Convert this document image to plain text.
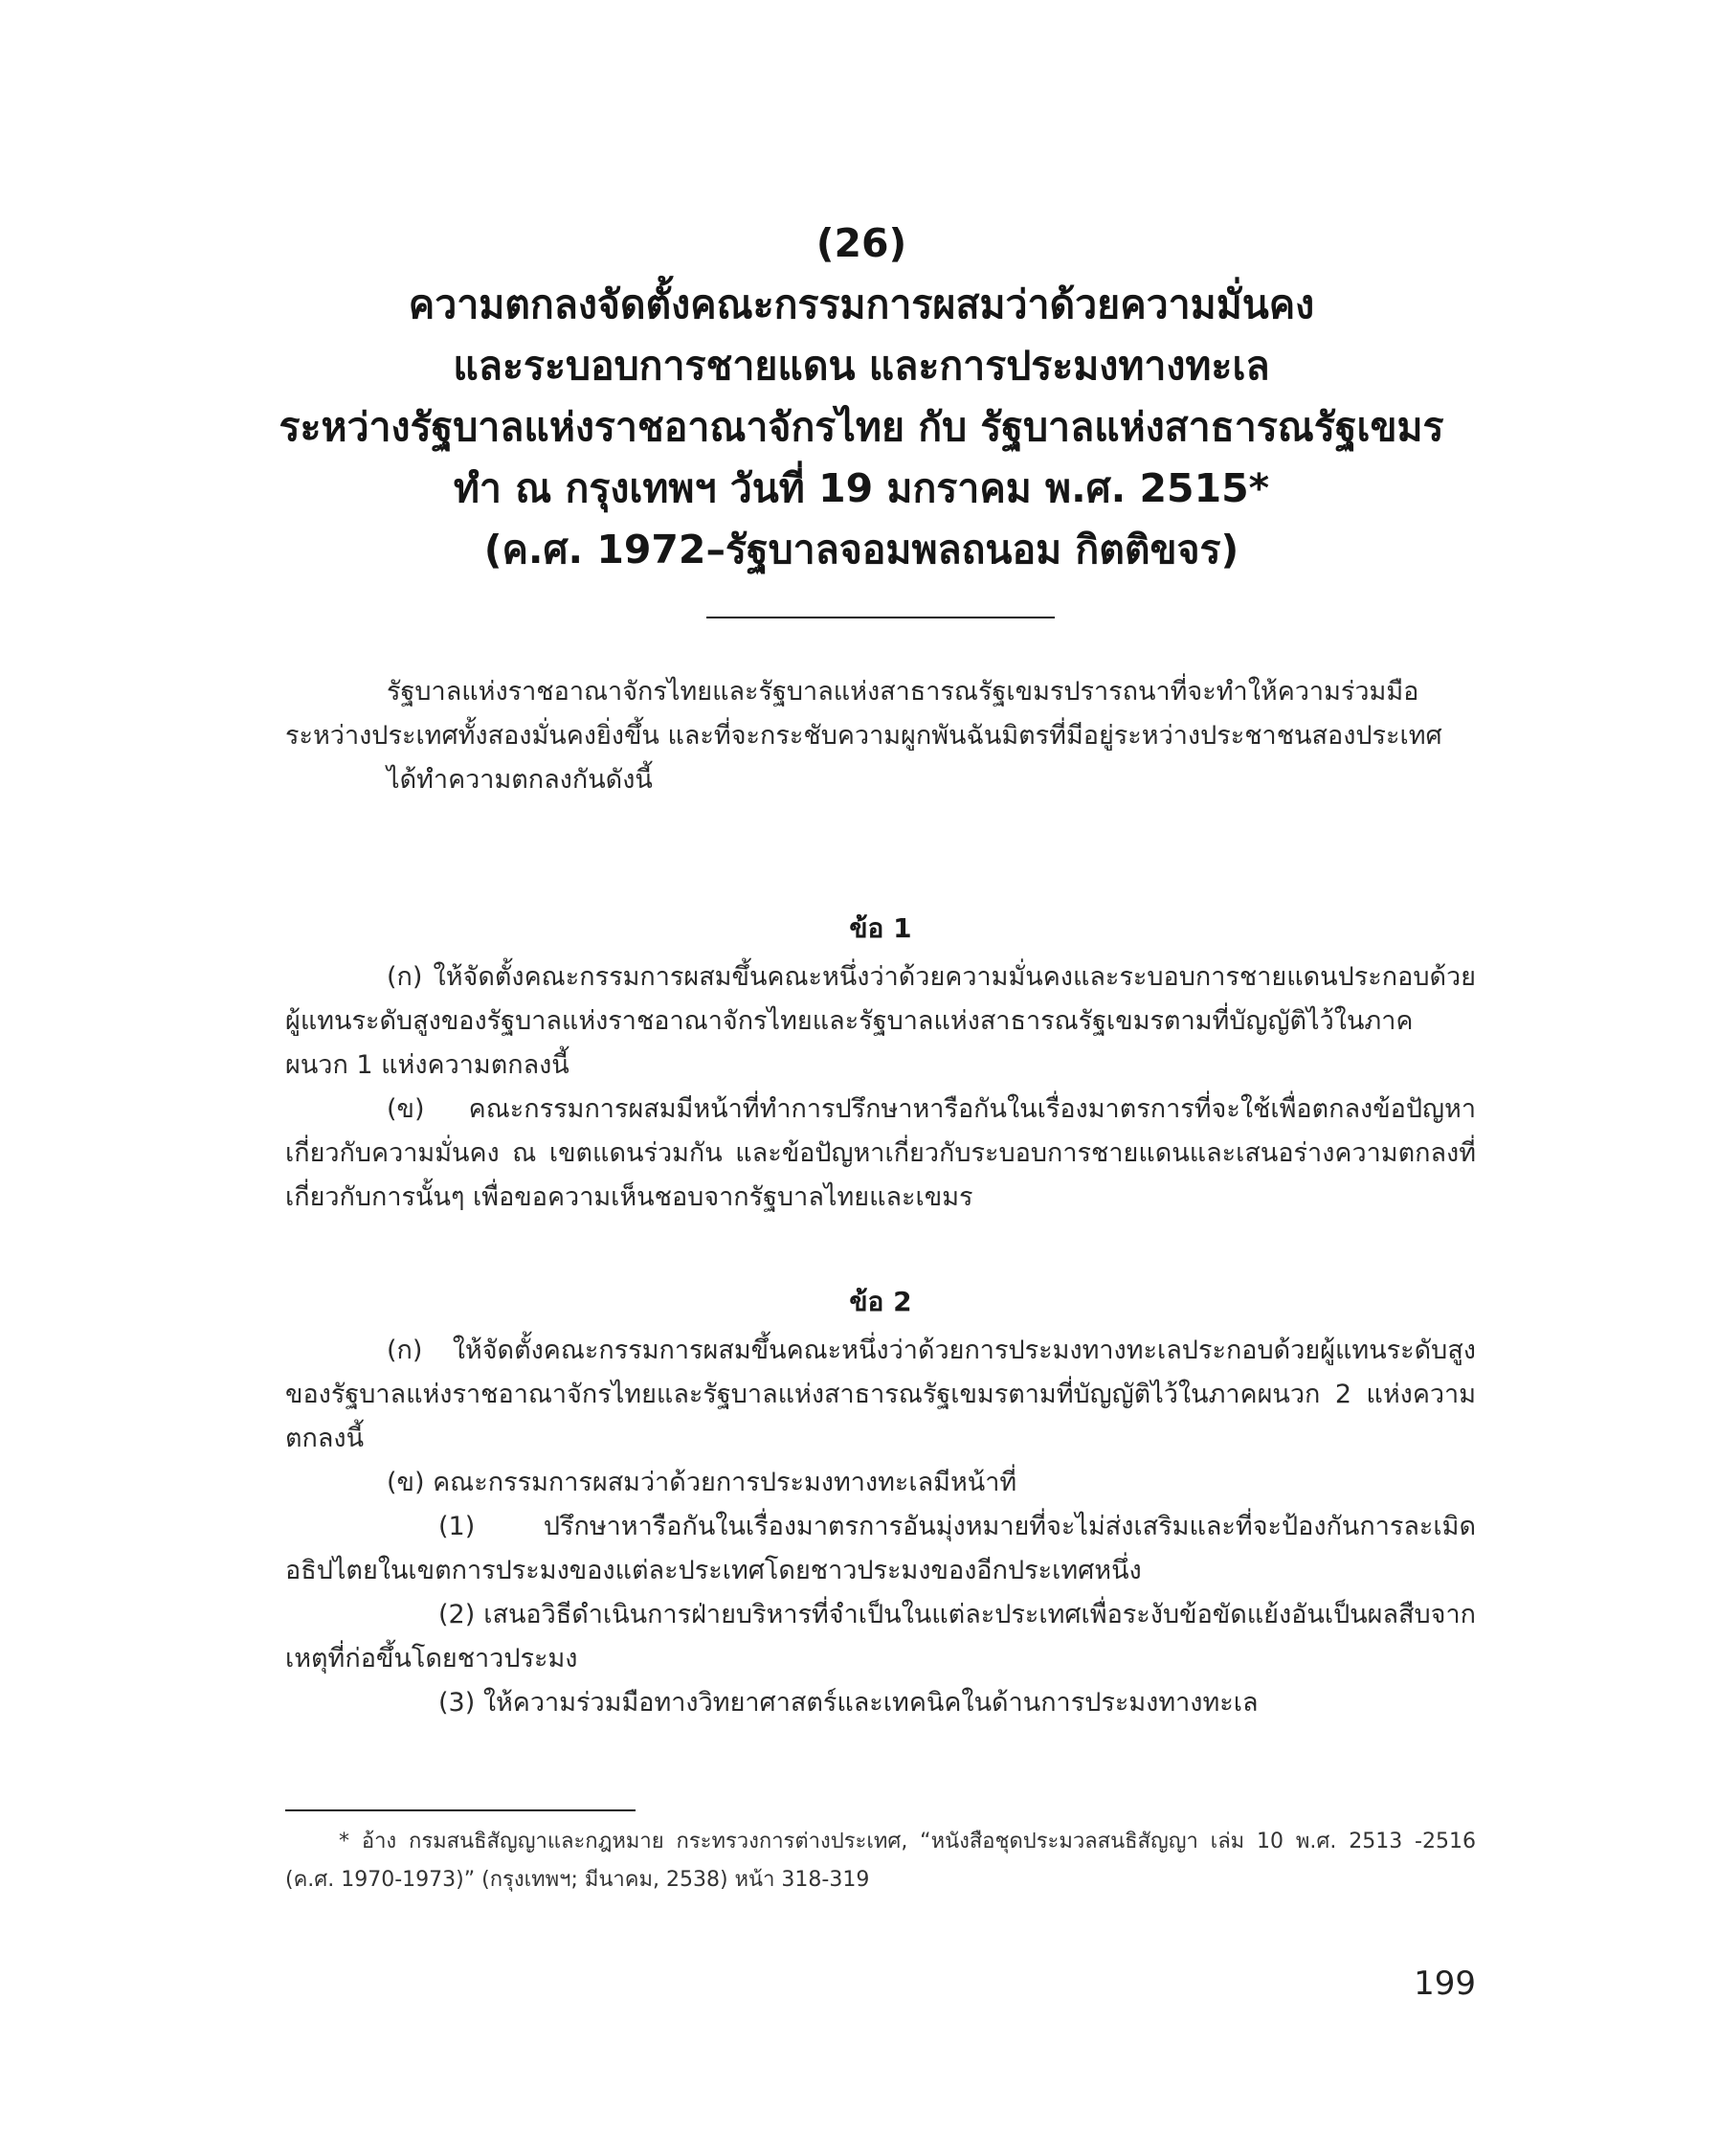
(26)
ความตกลงจัดตั้งคณะกรรมการผสมว่าด้วยความมั่นคง
และระบอบการชายแดน และการประมงทางทะเล
ระหว่างรัฐบาลแห่งราชอาณาจักรไทย กับ รัฐบาลแห่งสาธารณรัฐเขมร
ทำ ณ กรุงเทพฯ วันที่ 19 มกราคม พ.ศ. 2515*
(ค.ศ. 1972–รัฐบาลจอมพลถนอม กิตติขจร)

รัฐบาลแห่งราชอาณาจักรไทยและรัฐบาลแห่งสาธารณรัฐเขมรปรารถนาที่จะทำให้ความร่วมมือระหว่างประเทศทั้งสองมั่นคงยิ่งขึ้น และที่จะกระชับความผูกพันฉันมิตรที่มีอยู่ระหว่างประชาชนสองประเทศ

ได้ทำความตกลงกันดังนี้

ข้อ 1

(ก) ให้จัดตั้งคณะกรรมการผสมขึ้นคณะหนึ่งว่าด้วยความมั่นคงและระบอบการชายแดนประกอบด้วยผู้แทนระดับสูงของรัฐบาลแห่งราชอาณาจักรไทยและรัฐบาลแห่งสาธารณรัฐเขมรตามที่บัญญัติไว้ในภาคผนวก 1 แห่งความตกลงนี้

(ข) คณะกรรมการผสมมีหน้าที่ทำการปรึกษาหารือกันในเรื่องมาตรการที่จะใช้เพื่อตกลงข้อปัญหาเกี่ยวกับความมั่นคง ณ เขตแดนร่วมกัน และข้อปัญหาเกี่ยวกับระบอบการชายแดนและเสนอร่างความตกลงที่เกี่ยวกับการนั้นๆ เพื่อขอความเห็นชอบจากรัฐบาลไทยและเขมร

ข้อ 2

(ก) ให้จัดตั้งคณะกรรมการผสมขึ้นคณะหนึ่งว่าด้วยการประมงทางทะเลประกอบด้วยผู้แทนระดับสูงของรัฐบาลแห่งราชอาณาจักรไทยและรัฐบาลแห่งสาธารณรัฐเขมรตามที่บัญญัติไว้ในภาคผนวก 2 แห่งความตกลงนี้

(ข) คณะกรรมการผสมว่าด้วยการประมงทางทะเลมีหน้าที่

(1) ปรึกษาหารือกันในเรื่องมาตรการอันมุ่งหมายที่จะไม่ส่งเสริมและที่จะป้องกันการละเมิดอธิปไตยในเขตการประมงของแต่ละประเทศโดยชาวประมงของอีกประเทศหนึ่ง

(2) เสนอวิธีดำเนินการฝ่ายบริหารที่จำเป็นในแต่ละประเทศเพื่อระงับข้อขัดแย้งอันเป็นผลสืบจากเหตุที่ก่อขึ้นโดยชาวประมง

(3) ให้ความร่วมมือทางวิทยาศาสตร์และเทคนิคในด้านการประมงทางทะเล

* อ้าง กรมสนธิสัญญาและกฎหมาย กระทรวงการต่างประเทศ, “หนังสือชุดประมวลสนธิสัญญา เล่ม 10 พ.ศ. 2513 -2516 (ค.ศ. 1970-1973)” (กรุงเทพฯ; มีนาคม, 2538) หน้า 318-319
199
